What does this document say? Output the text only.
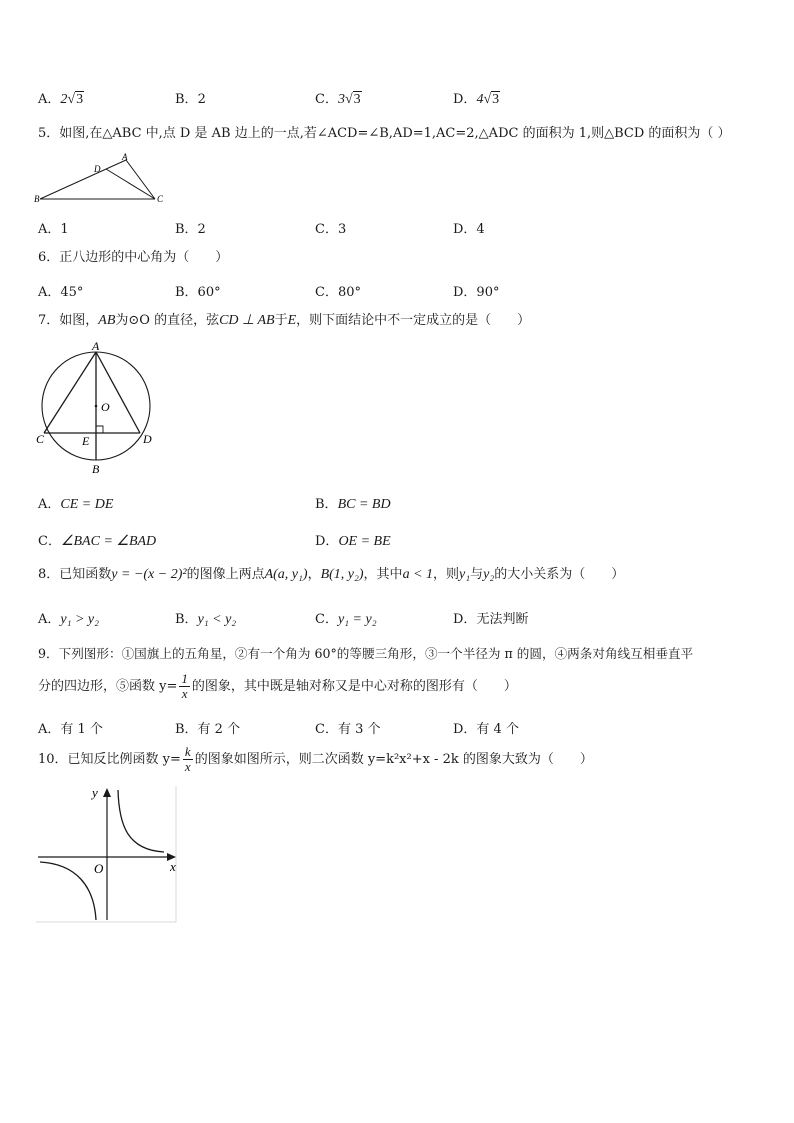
A．2√3	B．2	C．3√3	D．4√3
5．如图,在△ABC 中,点 D 是 AB 边上的一点,若∠ACD=∠B,AD=1,AC=2,△ADC 的面积为 1,则△BCD 的面积为（ ）
A
D
B	C
A．1	B．2	C．3	D．4
6．正八边形的中心角为（　　）
A．45°	B．60°	C．80°	D．90°
7．如图，AB为⊙O 的直径，弦CD ⊥ AB于E，则下面结论中不一定成立的是（　　）
A
O
C	E	D
B
A．CE = DE	B．BC = BD
C．∠BAC = ∠BAD	D．OE = BE
8．已知函数y = −(x − 2)²的图像上两点A(a, y₁)，B(1, y₂)，其中a < 1，则y₁与y₂的大小关系为（　　）
A．y₁ > y₂	B．y₁ < y₂	C．y₁ = y₂	D．无法判断
9．下列图形：①国旗上的五角星，②有一个角为 60°的等腰三角形，③一个半径为 π 的圆，④两条对角线互相垂直平
分的四边形，⑤函数 $y= \frac{1}{x}$ 的图象，其中既是轴对称又是中心对称的图形有（　　）
A．有 1 个	B．有 2 个	C．有 3 个	D．有 4 个
10．已知反比例函数 $y= \frac{k}{x}$ 的图象如图所示，则二次函数 y=k²x²+x - 2k 的图象大致为（　　）
y
x
O
